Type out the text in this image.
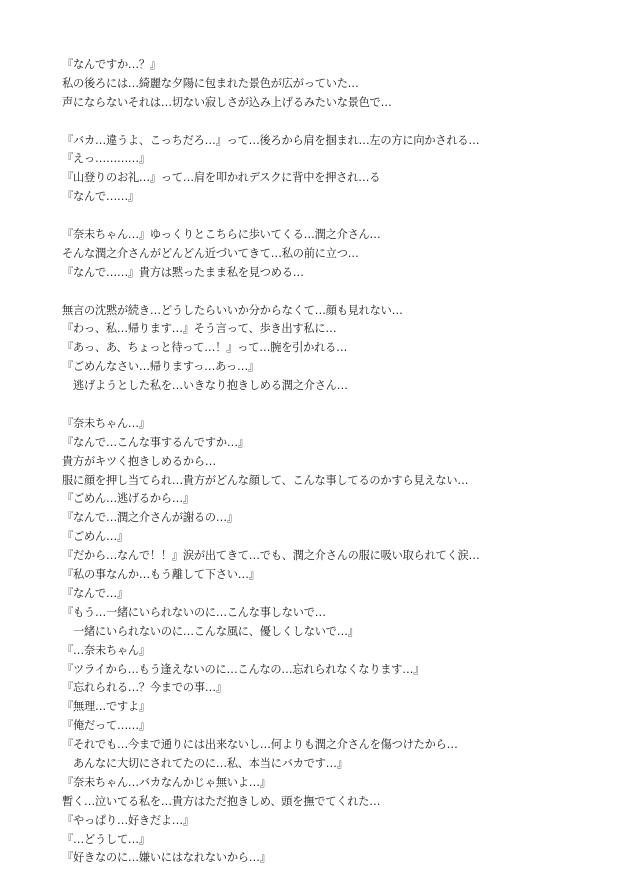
『なんですか…？』
私の後ろには…綺麗な夕陽に包まれた景色が広がっていた…
声にならないそれは…切ない寂しさが込み上げるみたいな景色で…
『バカ…違うよ、こっちだろ…』って…後ろから肩を掴まれ…左の方に向かされる…
『えっ…………』
『山登りのお礼…』って…肩を叩かれデスクに背中を押され…る
『なんで……』
『奈未ちゃん…』ゆっくりとこちらに歩いてくる…潤之介さん…
そんな潤之介さんがどんどん近づいてきて…私の前に立つ…
『なんで……』貴方は黙ったまま私を見つめる…
無言の沈黙が続き…どうしたらいいか分からなくて…顔も見れない…
『わっ、私…帰ります…』そう言って、歩き出す私に…
『あっ、あ、ちょっと待って…！』って…腕を引かれる…
『ごめんなさい…帰りますっ…あっ…』
　逃げようとした私を…いきなり抱きしめる潤之介さん…
『奈未ちゃん…』
『なんで…こんな事するんですか…』
貴方がキツく抱きしめるから…
服に顔を押し当てられ…貴方がどんな顔して、こんな事してるのかすら見えない…
『ごめん…逃げるから…』
『なんで…潤之介さんが謝るの…』
『ごめん…』
『だから…なんで！！』涙が出てきて…でも、潤之介さんの服に吸い取られてく涙…
『私の事なんか…もう離して下さい…』
『なんで…』
『もう…一緒にいられないのに…こんな事しないで…
　一緒にいられないのに…こんな風に、優しくしないで…』
『…奈未ちゃん』
『ツライから…もう逢えないのに…こんなの…忘れられなくなります…』
『忘れられる…？今までの事…』
『無理…ですよ』
『俺だって……』
『それでも…今まで通りには出来ないし…何よりも潤之介さんを傷つけたから…
　あんなに大切にされてたのに…私、本当にバカです…』
『奈未ちゃん…バカなんかじゃ無いよ…』
暫く…泣いてる私を…貴方はただ抱きしめ、頭を撫でてくれた…
『やっぱり…好きだよ…』
『…どうして…』
『好きなのに…嫌いにはなれないから…』
